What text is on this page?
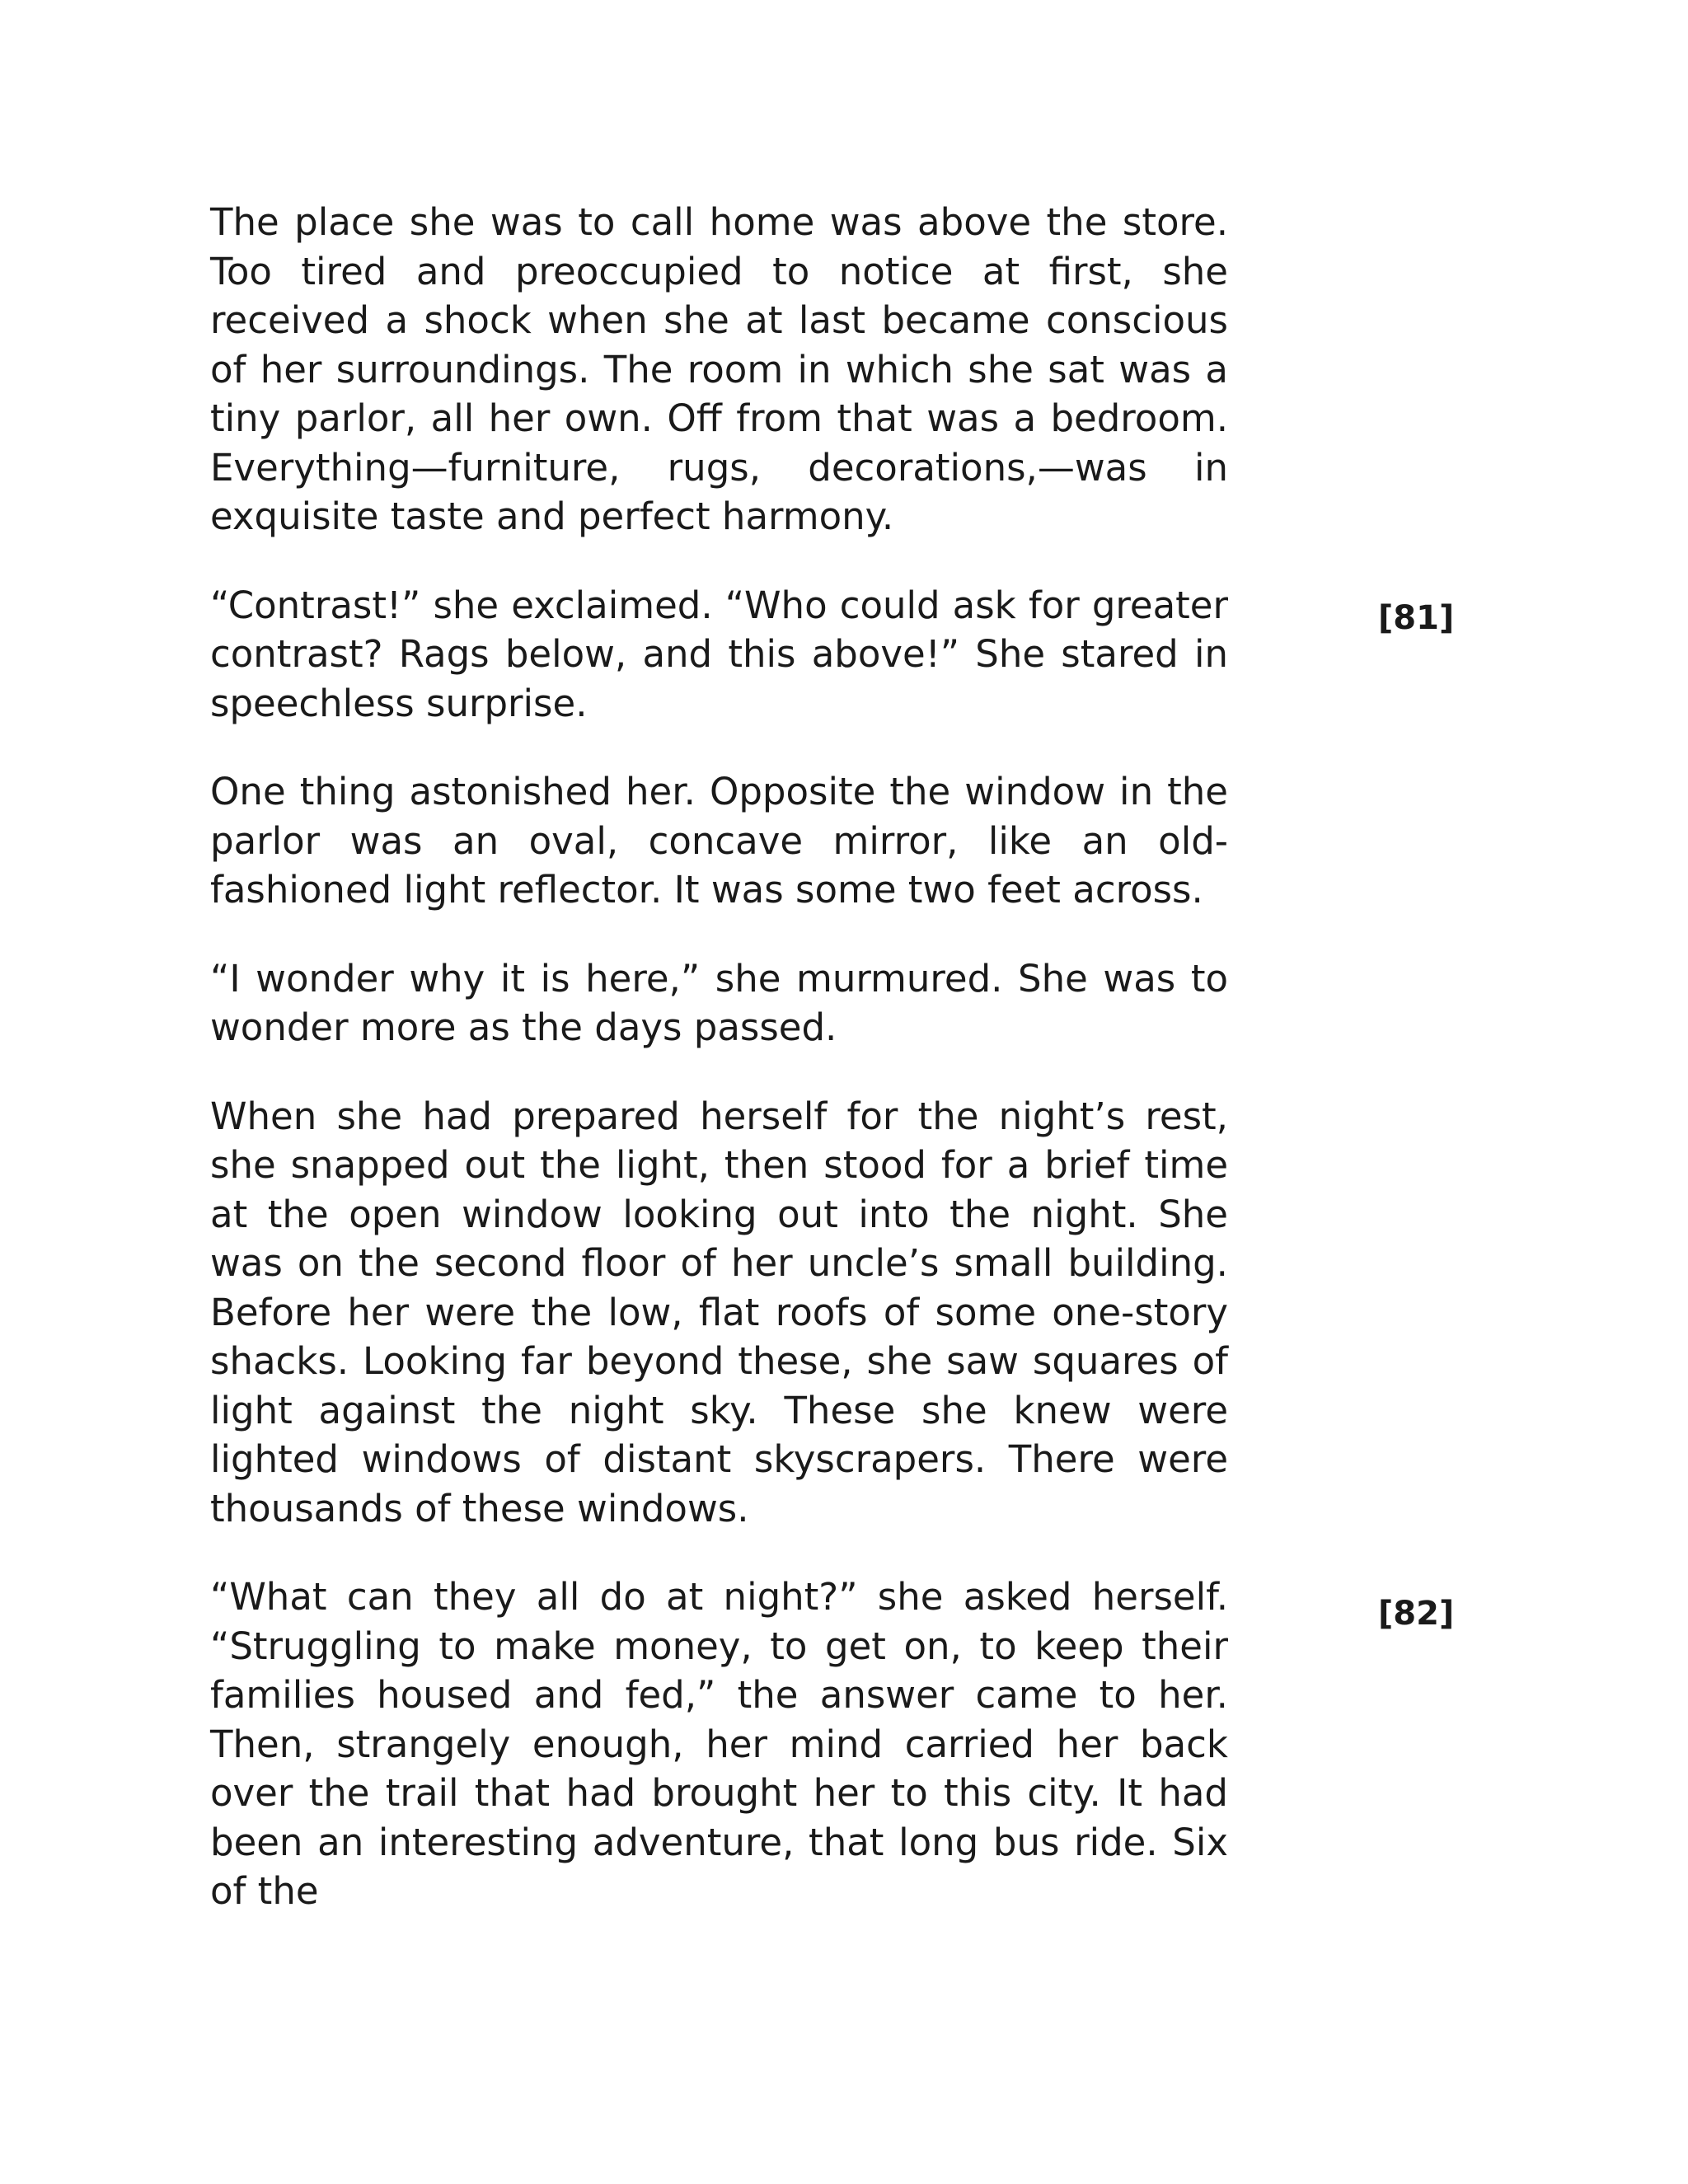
The place she was to call home was above the store. Too tired and preoccupied to notice at first, she received a shock when she at last became conscious of her surroundings. The room in which she sat was a tiny parlor, all her own. Off from that was a bedroom. Everything—furniture, rugs, decorations,—was in exquisite taste and perfect harmony.

“Contrast!” she exclaimed. “Who could ask for greater contrast? Rags below, and this above!” She stared in speechless surprise.

One thing astonished her. Opposite the window in the parlor was an oval, concave mirror, like an old-fashioned light reflector. It was some two feet across.

“I wonder why it is here,” she murmured. She was to wonder more as the days passed.

When she had prepared herself for the night’s rest, she snapped out the light, then stood for a brief time at the open window looking out into the night. She was on the second floor of her uncle’s small building. Before her were the low, flat roofs of some one-story shacks. Looking far beyond these, she saw squares of light against the night sky. These she knew were lighted windows of distant skyscrapers. There were thousands of these windows.

“What can they all do at night?” she asked herself. “Struggling to make money, to get on, to keep their families housed and fed,” the answer came to her. Then, strangely enough, her mind carried her back over the trail that had brought her to this city. It had been an interesting adventure, that long bus ride. Six of the

[81]
[82]
